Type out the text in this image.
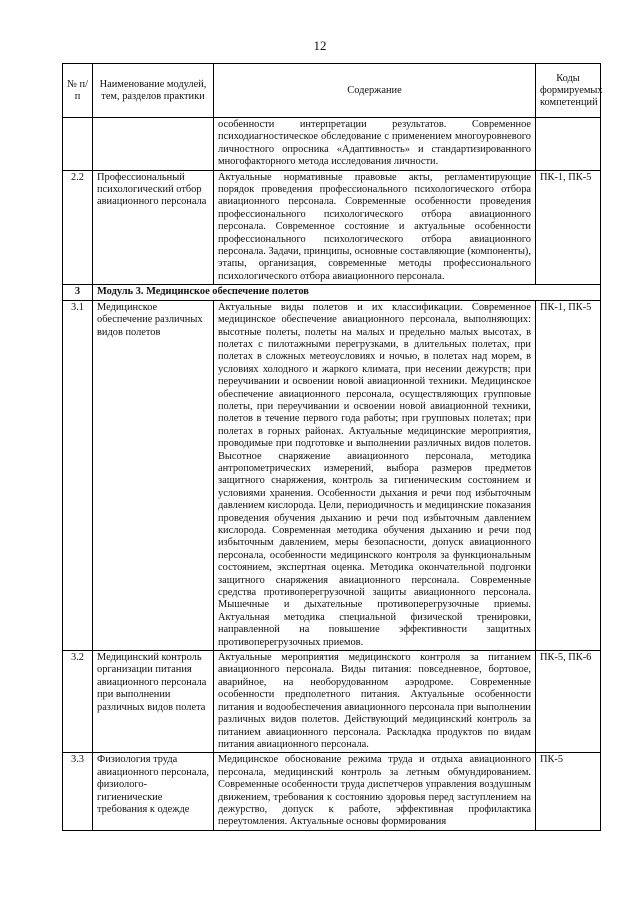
12
№ п/п	Наименование модулей, тем, разделов практики	Содержание	Коды формируемых компетенций
		особенности интерпретации результатов. Современное психодиагностическое обследование с применением многоуровневого личностного опросника «Адаптивность» и стандартизированного многофакторного метода исследования личности.	
2.2	Профессиональный психологический отбор авиационного персонала	Актуальные нормативные правовые акты, регламентирующие порядок проведения профессионального психологического отбора авиационного персонала. Современные особенности проведения профессионального психологического отбора авиационного персонала. Современное состояние и актуальные особенности профессионального психологического отбора авиационного персонала. Задачи, принципы, основные составляющие (компоненты), этапы, организация, современные методы профессионального психологического отбора авиационного персонала.	ПК-1, ПК-5
3	Модуль 3. Медицинское обеспечение полетов		
3.1	Медицинское обеспечение различных видов полетов	Актуальные виды полетов и их классификации. Современное медицинское обеспечение авиационного персонала, выполняющих: высотные полеты, полеты на малых и предельно малых высотах, в полетах с пилотажными перегрузками, в длительных полетах, при полетах в сложных метеоусловиях и ночью, в полетах над морем, в условиях холодного и жаркого климата, при несении дежурств; при переучивании и освоении новой авиационной техники. Медицинское обеспечение авиационного персонала, осуществляющих групповые полеты, при переучивании и освоении новой авиационной техники, полетов в течение первого года работы; при групповых полетах; при полетах в горных районах. Актуальные медицинские мероприятия, проводимые при подготовке и выполнении различных видов полетов. Высотное снаряжение авиационного персонала, методика антропометрических измерений, выбора размеров предметов защитного снаряжения, контроль за гигиеническим состоянием и условиями хранения. Особенности дыхания и речи под избыточным давлением кислорода. Цели, периодичность и медицинские показания проведения обучения дыханию и речи под избыточным давлением кислорода. Современная методика обучения дыханию и речи под избыточным давлением, меры безопасности, допуск авиационного персонала, особенности медицинского контроля за функциональным состоянием, экспертная оценка. Методика окончательной подгонки защитного снаряжения авиационного персонала. Современные средства противоперегрузочной защиты авиационного персонала. Мышечные и дыхательные противоперегрузочные приемы. Актуальная методика специальной физической тренировки, направленной на повышение эффективности защитных противоперегрузочных приемов.	ПК-1, ПК-5
3.2	Медицинский контроль организации питания авиационного персонала при выполнении различных видов полета	Актуальные мероприятия медицинского контроля за питанием авиационного персонала. Виды питания: повседневное, бортовое, аварийное, на необорудованном аэродроме. Современные особенности предполетного питания. Актуальные особенности питания и водообеспечения авиационного персонала при выполнении различных видов полетов. Действующий медицинский контроль за питанием авиационного персонала. Раскладка продуктов по видам питания авиационного персонала.	ПК-5, ПК-6
3.3	Физиология труда авиационного персонала, физиолого-гигиенические требования к одежде	Медицинское обоснование режима труда и отдыха авиационного персонала, медицинский контроль за летным обмундированием. Современные особенности труда диспетчеров управления воздушным движением, требования к состоянию здоровья перед заступлением на дежурство, допуск к работе, эффективная профилактика переутомления. Актуальные основы формирования	ПК-5
